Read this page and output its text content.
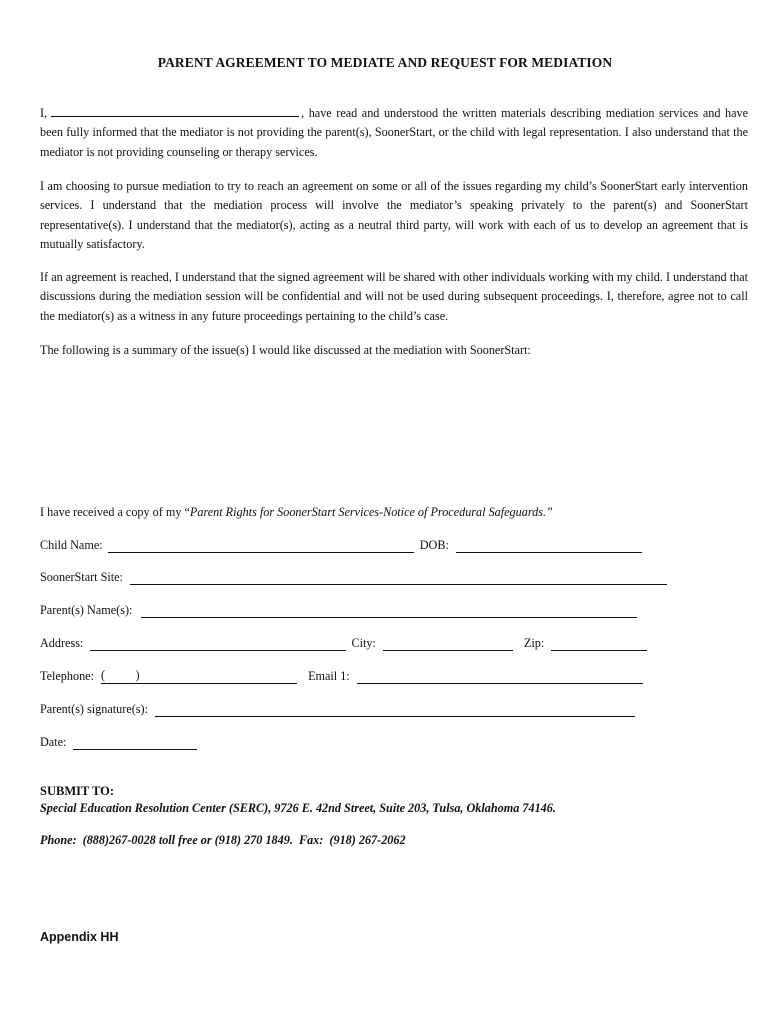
PARENT AGREEMENT TO MEDIATE AND REQUEST FOR MEDIATION
I,	, have read and understood the written materials describing mediation services and have been fully informed that the mediator is not providing the parent(s), SoonerStart, or the child with legal representation. I also understand that the mediator is not providing counseling or therapy services.
I am choosing to pursue mediation to try to reach an agreement on some or all of the issues regarding my child’s SoonerStart early intervention services. I understand that the mediation process will involve the mediator’s speaking privately to the parent(s) and SoonerStart representative(s). I understand that the mediator(s), acting as a neutral third party, will work with each of us to develop an agreement that is mutually satisfactory.
If an agreement is reached, I understand that the signed agreement will be shared with other individuals working with my child. I understand that discussions during the mediation session will be confidential and will not be used during subsequent proceedings. I, therefore, agree not to call the mediator(s) as a witness in any future proceedings pertaining to the child’s case.
The following is a summary of the issue(s) I would like discussed at the mediation with SoonerStart:
I have received a copy of my “Parent Rights for SoonerStart Services-Notice of Procedural Safeguards.”
Child Name:	DOB:
SoonerStart Site:
Parent(s) Name(s):
Address:	City:	Zip:
Telephone: (          )	Email 1:
Parent(s) signature(s):
Date:
SUBMIT TO:
Special Education Resolution Center (SERC), 9726 E. 42nd Street, Suite 203, Tulsa, Oklahoma 74146.
Phone:  (888)267-0028 toll free or (918) 270 1849.  Fax:  (918) 267-2062
Appendix HH
